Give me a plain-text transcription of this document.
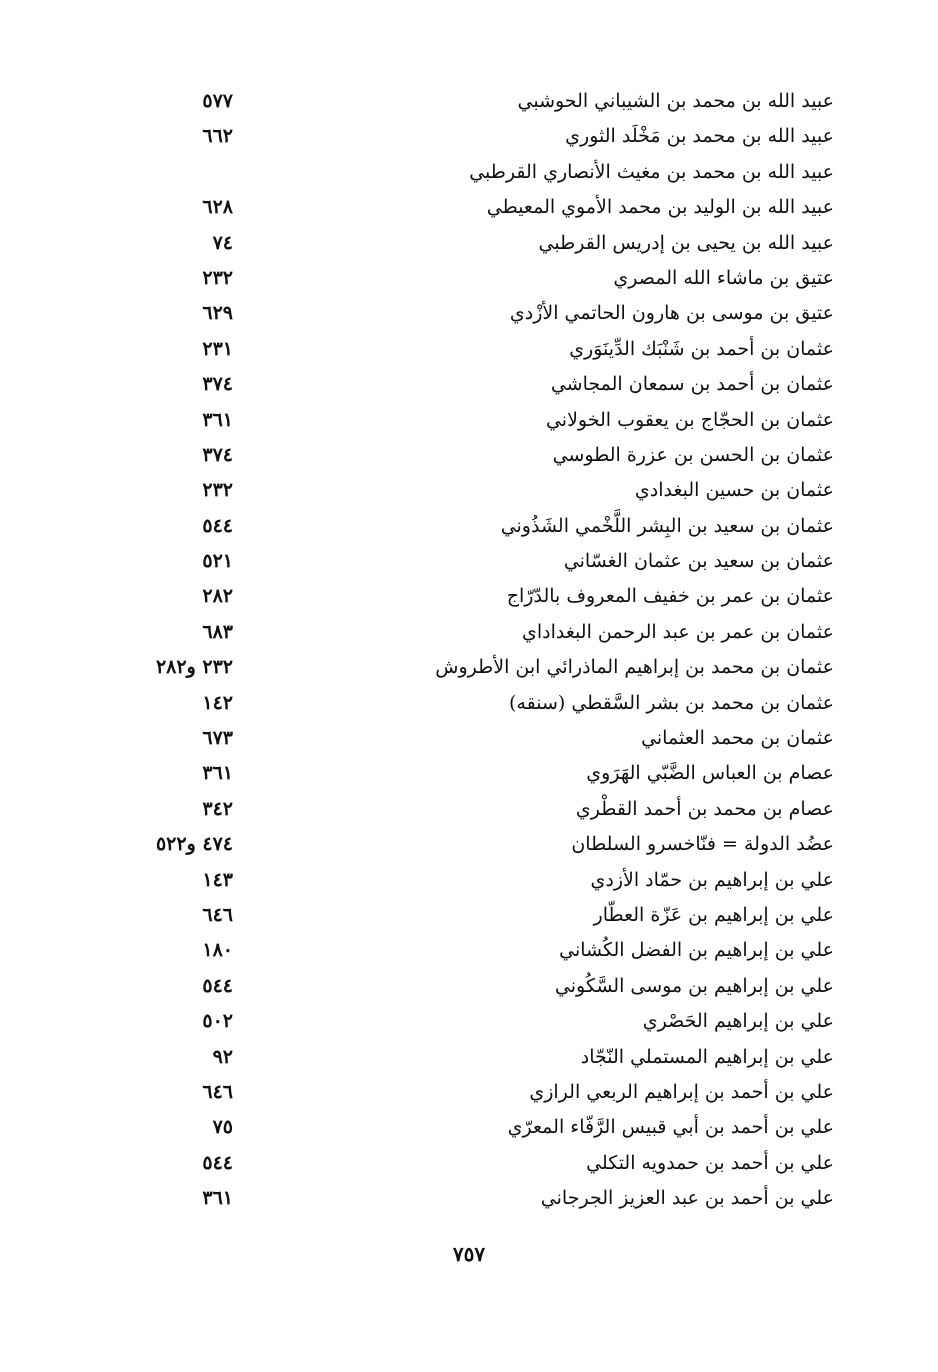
عبيد الله بن محمد بن الشيباني الحوشبي
٥٧٧
عبيد الله بن محمد بن مَخْلَد الثوري
٦٦٢
عبيد الله بن محمد بن مغيث الأنصاري القرطبي
عبيد الله بن الوليد بن محمد الأموي المعيطي
٦٢٨
عبيد الله بن يحيى بن إدريس القرطبي
٧٤
عتيق بن ماشاء الله المصري
٢٣٢
عتيق بن موسى بن هارون الحاتمي الأزْدي
٦٢٩
عثمان بن أحمد بن شَنْبَك الدِّينَوَري
٢٣١
عثمان بن أحمد بن سمعان المجاشي
٣٧٤
عثمان بن الحجّاج بن يعقوب الخولاني
٣٦١
عثمان بن الحسن بن عزرة الطوسي
٣٧٤
عثمان بن حسين البغدادي
٢٣٢
عثمان بن سعيد بن البِشر اللَّخْمي الشَذُوني
٥٤٤
عثمان بن سعيد بن عثمان الغسّاني
٥٢١
عثمان بن عمر بن خفيف المعروف بالدّرّاج
٢٨٢
عثمان بن عمر بن عبد الرحمن البغداداي
٦٨٣
عثمان بن محمد بن إبراهيم الماذرائي ابن الأطروش
٢٣٢ و٢٨٢
عثمان بن محمد بن بشر السَّقطي (سنقه)
١٤٢
عثمان بن محمد العثماني
٦٧٣
عصام بن العباس الضَّبّي الهَرَوي
٣٦١
عصام بن محمد بن أحمد القطْري
٣٤٢
عضُد الدولة = فنّاخسرو السلطان
٤٧٤ و٥٢٢
علي بن إبراهيم بن حمّاد الأزدي
١٤٣
علي بن إبراهيم بن عَزّة العطّار
٦٤٦
علي بن إبراهيم بن الفضل الكُشاني
١٨٠
علي بن إبراهيم بن موسى السَّكُوني
٥٤٤
علي بن إبراهيم الحَصْري
٥٠٢
علي بن إبراهيم المستملي النّجّاد
٩٢
علي بن أحمد بن إبراهيم الربعي الرازي
٦٤٦
علي بن أحمد بن أبي قبيس الرَّفّاء المعرّي
٧٥
علي بن أحمد بن حمدويه التكلي
٥٤٤
علي بن أحمد بن عبد العزيز الجرجاني
٣٦١
٧٥٧
